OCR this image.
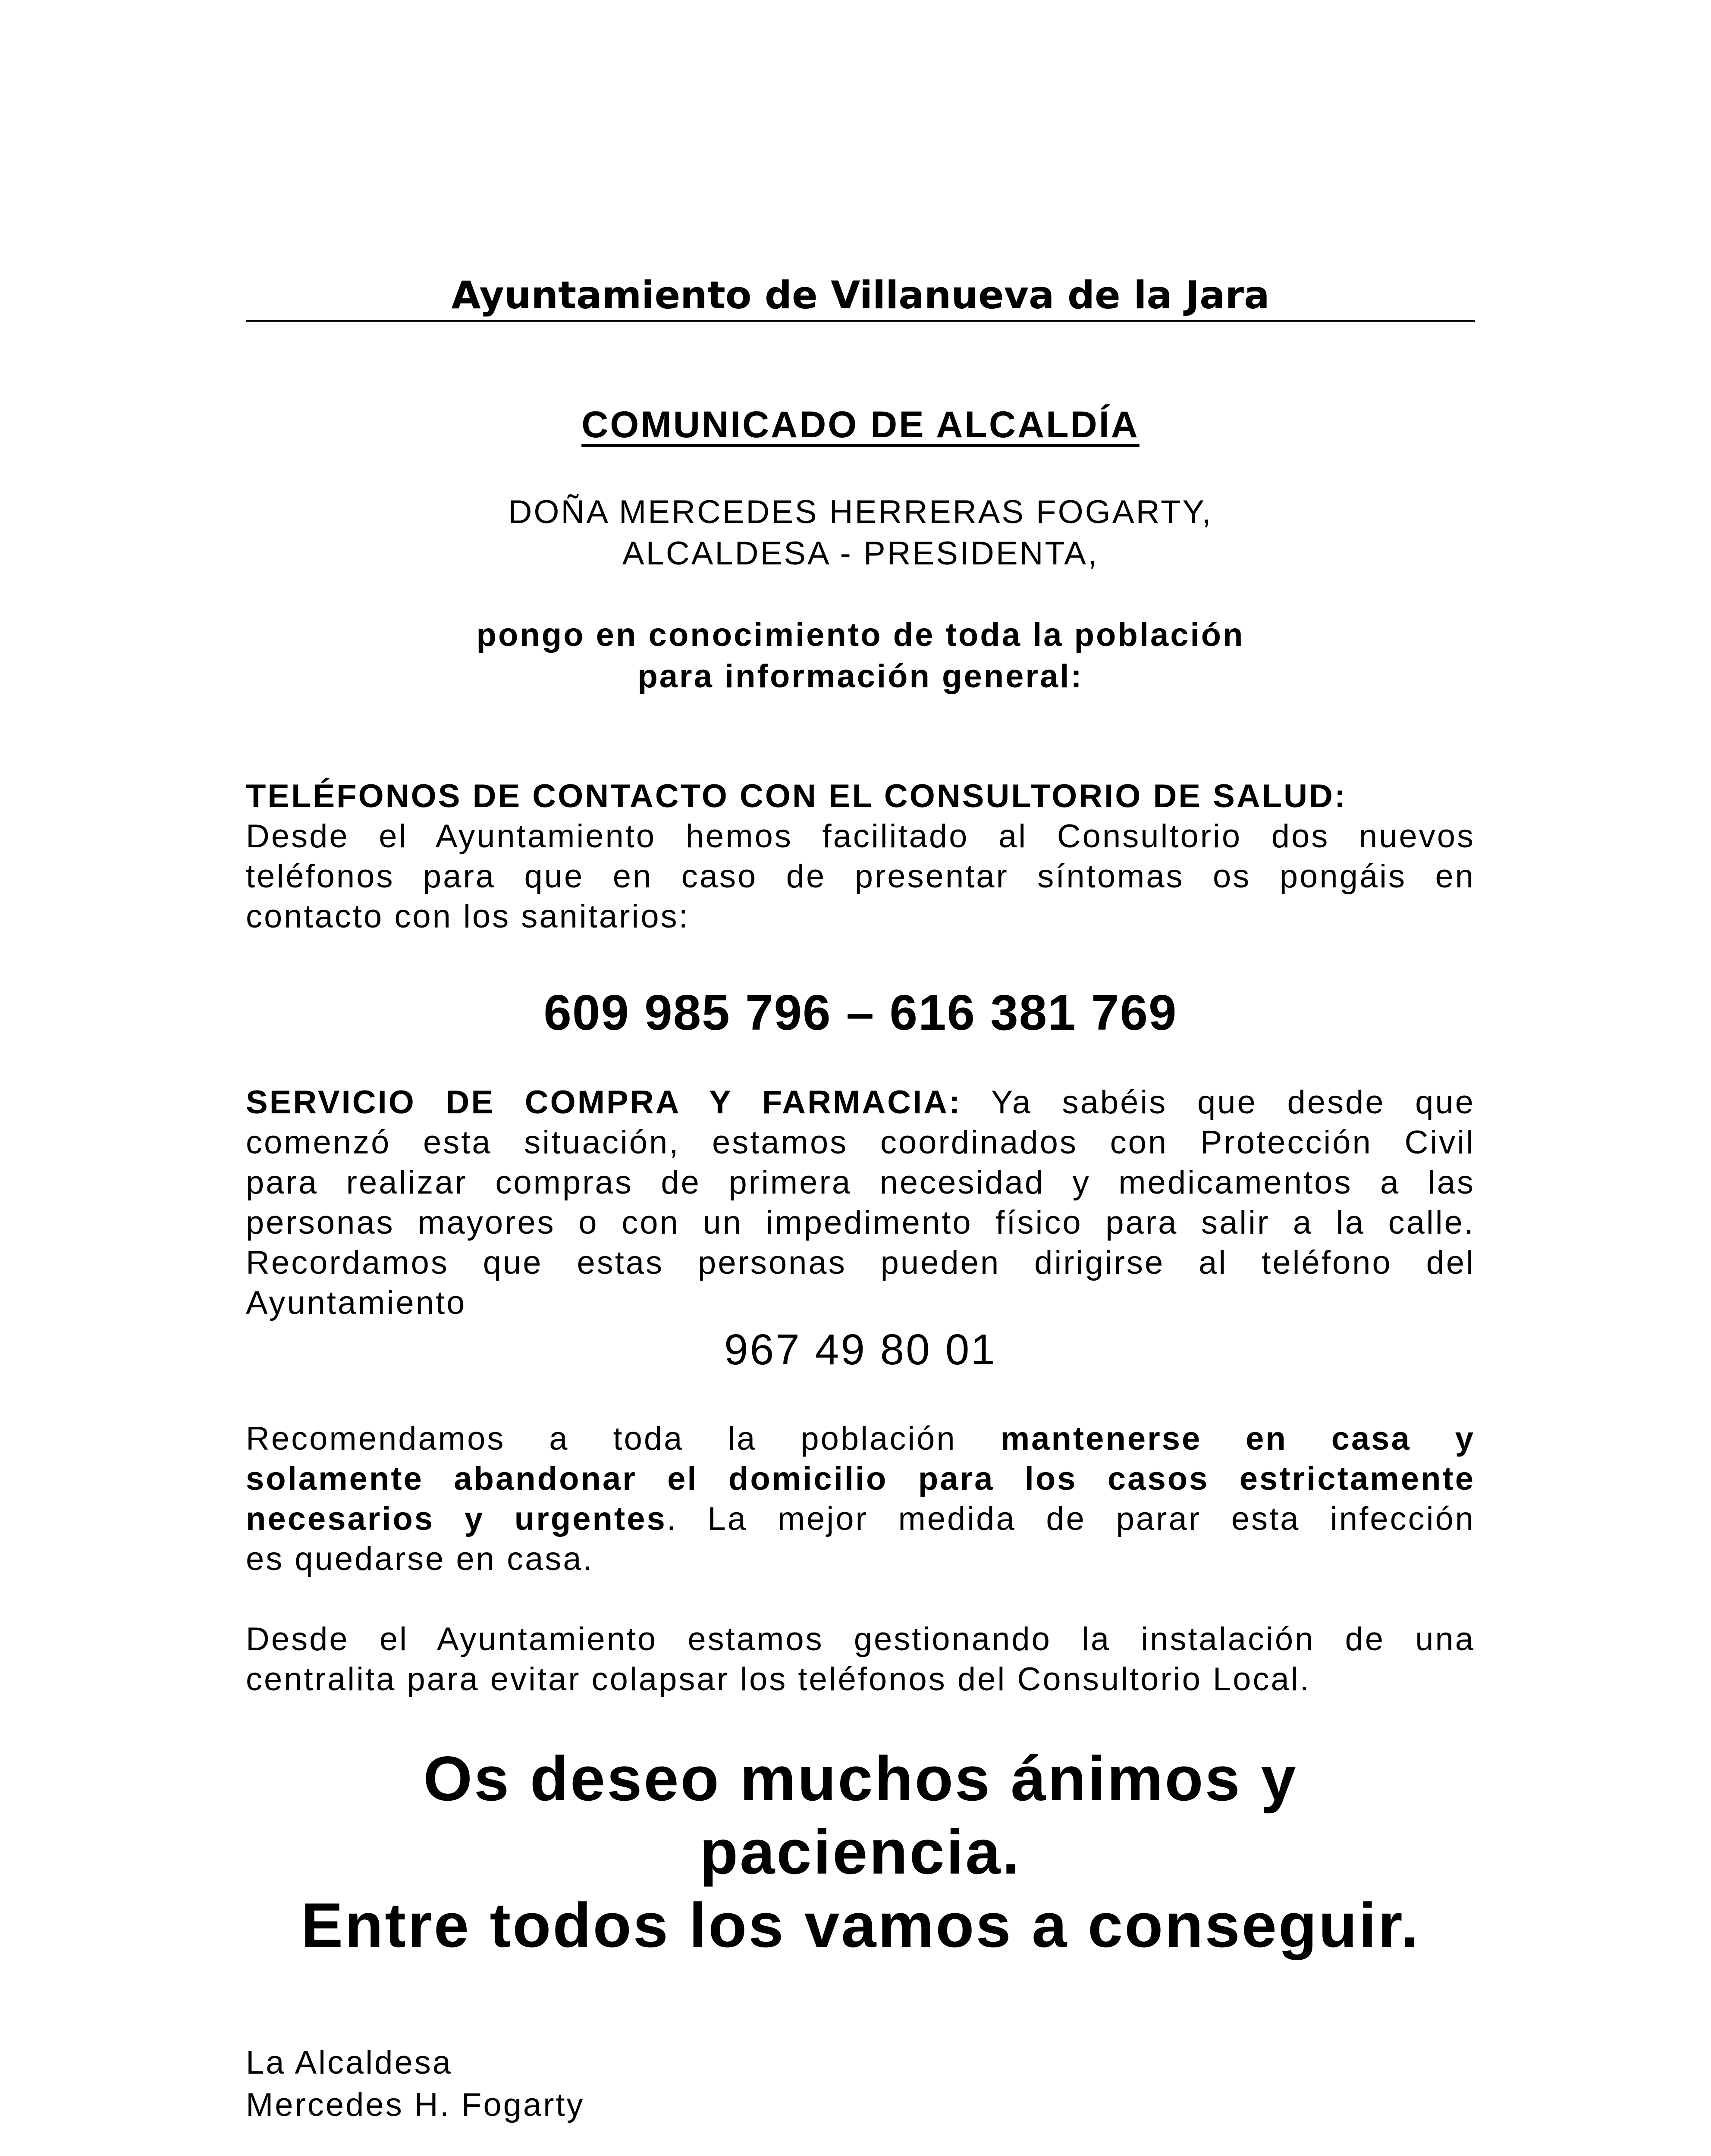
Ayuntamiento de Villanueva de la Jara
COMUNICADO DE ALCALDÍA
DOÑA MERCEDES HERRERAS FOGARTY,
ALCALDESA - PRESIDENTA,
pongo en conocimiento de toda la población
para información general:
TELÉFONOS DE CONTACTO CON EL CONSULTORIO DE SALUD:
Desde el Ayuntamiento hemos facilitado al Consultorio dos nuevos
teléfonos para que en caso de presentar síntomas os pongáis en
contacto con los sanitarios:
609 985 796 – 616 381 769
SERVICIO DE COMPRA Y FARMACIA: Ya sabéis que desde que
comenzó esta situación, estamos coordinados con Protección Civil
para realizar compras de primera necesidad y medicamentos a las
personas mayores o con un impedimento físico para salir a la calle.
Recordamos que estas personas pueden dirigirse al teléfono del
Ayuntamiento
967 49 80 01
Recomendamos a toda la población mantenerse en casa y
solamente abandonar el domicilio para los casos estrictamente
necesarios y urgentes. La mejor medida de parar esta infección
es quedarse en casa.
Desde el Ayuntamiento estamos gestionando la instalación de una
centralita para evitar colapsar los teléfonos del Consultorio Local.
Os deseo muchos ánimos y
paciencia.
Entre todos los vamos a conseguir.
La Alcaldesa
Mercedes H. Fogarty
